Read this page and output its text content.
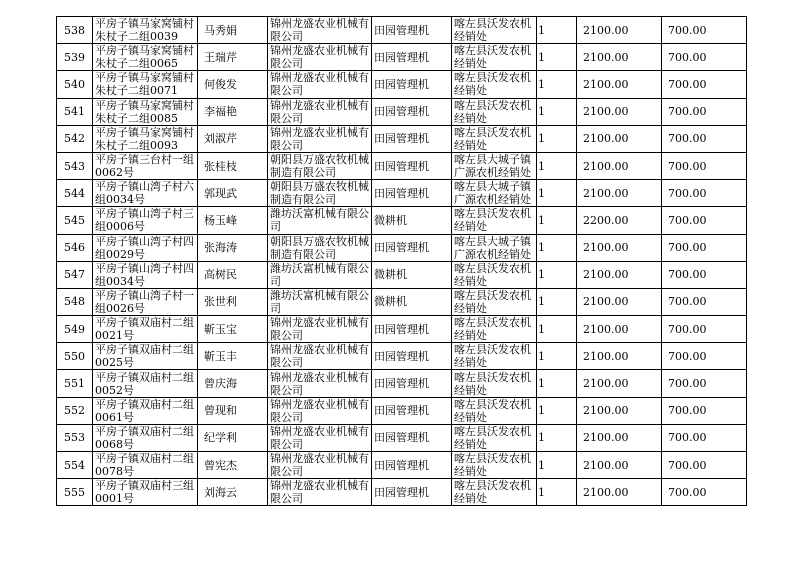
538	平房子镇马家窝铺村朱杖子二组0039	马秀娟	锦州龙盛农业机械有限公司	田园管理机	喀左县沃发农机经销处	1	2100.00	700.00
539	平房子镇马家窝铺村朱杖子二组0065	王瑞芹	锦州龙盛农业机械有限公司	田园管理机	喀左县沃发农机经销处	1	2100.00	700.00
540	平房子镇马家窝铺村朱杖子二组0071	何俊发	锦州龙盛农业机械有限公司	田园管理机	喀左县沃发农机经销处	1	2100.00	700.00
541	平房子镇马家窝铺村朱杖子二组0085	李福艳	锦州龙盛农业机械有限公司	田园管理机	喀左县沃发农机经销处	1	2100.00	700.00
542	平房子镇马家窝铺村朱杖子二组0093	刘淑芹	锦州龙盛农业机械有限公司	田园管理机	喀左县沃发农机经销处	1	2100.00	700.00
543	平房子镇三台村一组0062号	张桂枝	朝阳县万盛农牧机械制造有限公司	田园管理机	喀左县大城子镇广源农机经销处	1	2100.00	700.00
544	平房子镇山湾子村六组0034号	郭现武	朝阳县万盛农牧机械制造有限公司	田园管理机	喀左县大城子镇广源农机经销处	1	2100.00	700.00
545	平房子镇山湾子村三组0006号	杨玉峰	潍坊沃富机械有限公司	微耕机	喀左县沃发农机经销处	1	2200.00	700.00
546	平房子镇山湾子村四组0029号	张海涛	朝阳县万盛农牧机械制造有限公司	田园管理机	喀左县大城子镇广源农机经销处	1	2100.00	700.00
547	平房子镇山湾子村四组0034号	高树民	潍坊沃富机械有限公司	微耕机	喀左县沃发农机经销处	1	2100.00	700.00
548	平房子镇山湾子村一组0026号	张世利	潍坊沃富机械有限公司	微耕机	喀左县沃发农机经销处	1	2100.00	700.00
549	平房子镇双庙村二组0021号	靳玉宝	锦州龙盛农业机械有限公司	田园管理机	喀左县沃发农机经销处	1	2100.00	700.00
550	平房子镇双庙村二组0025号	靳玉丰	锦州龙盛农业机械有限公司	田园管理机	喀左县沃发农机经销处	1	2100.00	700.00
551	平房子镇双庙村二组0052号	曾庆海	锦州龙盛农业机械有限公司	田园管理机	喀左县沃发农机经销处	1	2100.00	700.00
552	平房子镇双庙村二组0061号	曾现和	锦州龙盛农业机械有限公司	田园管理机	喀左县沃发农机经销处	1	2100.00	700.00
553	平房子镇双庙村二组0068号	纪学利	锦州龙盛农业机械有限公司	田园管理机	喀左县沃发农机经销处	1	2100.00	700.00
554	平房子镇双庙村二组0078号	曾宪杰	锦州龙盛农业机械有限公司	田园管理机	喀左县沃发农机经销处	1	2100.00	700.00
555	平房子镇双庙村三组0001号	刘海云	锦州龙盛农业机械有限公司	田园管理机	喀左县沃发农机经销处	1	2100.00	700.00
